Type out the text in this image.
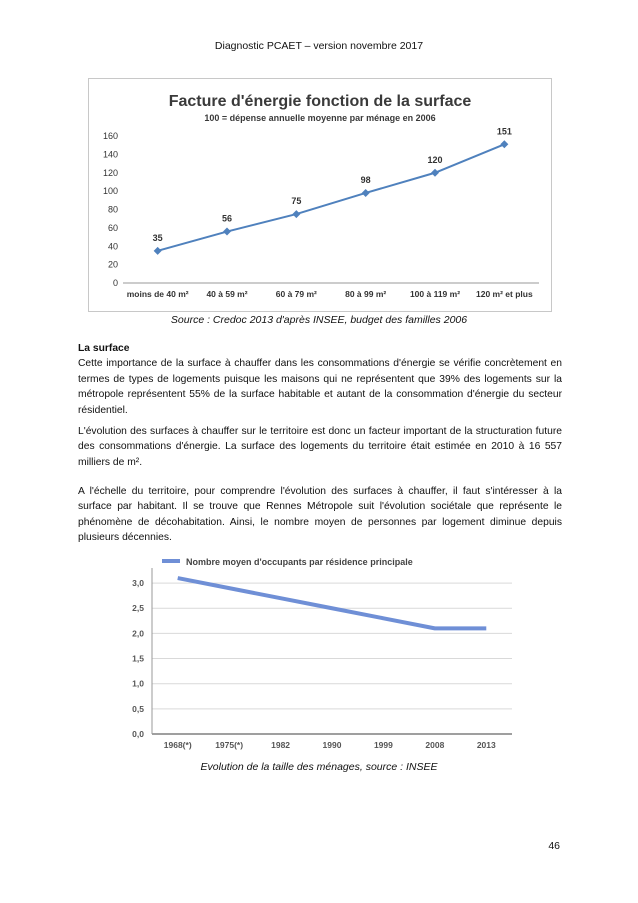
Diagnostic PCAET – version novembre 2017
Facture d'énergie fonction de la surface
100 = dépense annuelle moyenne par ménage en 2006
0
20
40
60
80
100
120
140
160
moins de 40 m² 40 à 59 m²	60 à 79 m²	80 à 99 m²	100 à 119 m² 120 m² et plus
35
56
75
98
120
151
Source : Credoc 2013 d'après INSEE, budget des familles 2006

La surface

Cette importance de la surface à chauffer dans les consommations d'énergie se vérifie concrètement en termes de types de logements puisque les maisons qui ne représentent que 39% des logements sur la métropole représentent 55% de la surface habitable et autant de la consommation d'énergie du secteur résidentiel.

L'évolution des surfaces à chauffer sur le territoire est donc un facteur important de la structuration future des consommations d'énergie. La surface des logements du territoire était estimée en 2010 à 16 557 milliers de m².

A l'échelle du territoire, pour comprendre l'évolution des surfaces à chauffer, il faut s'intéresser à la surface par habitant. Il se trouve que Rennes Métropole suit l'évolution sociétale que représente le phénomène de décohabitation. Ainsi, le nombre moyen de personnes par logement diminue depuis plusieurs décennies.

Nombre moyen d'occupants par résidence principale
0,0
0,5
1,0
1,5
2,0
2,5
3,0
1968(*)	1975(*)	1982	1990	1999	2008	2013
Evolution de la taille des ménages, source : INSEE
46
